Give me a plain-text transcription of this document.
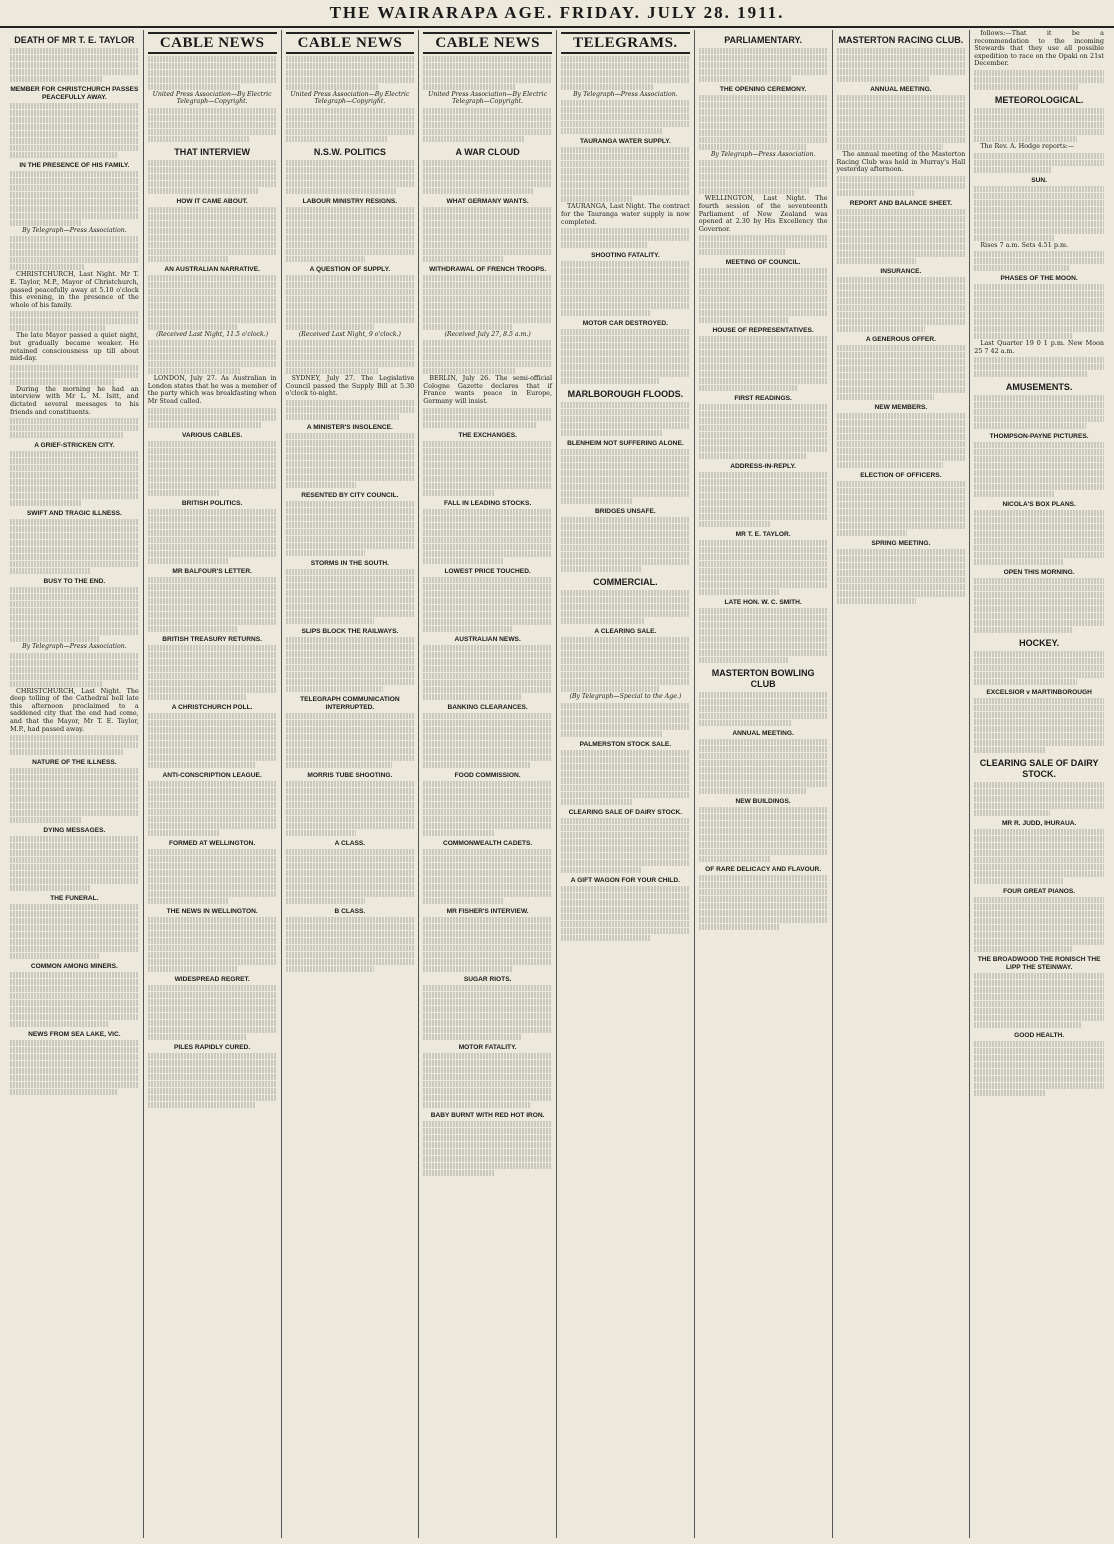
THE WAIRARAPA AGE. FRIDAY. JULY 28. 1911.
DEATH OF MR T. E. TAYLOR
MEMBER FOR CHRISTCHURCH PASSES PEACEFULLY AWAY.
IN THE PRESENCE OF HIS FAMILY.
By Telegraph—Press Association.

CHRISTCHURCH, Last Night. Mr T. E. Taylor, M.P., Mayor of Christchurch, passed peacefully away at 5.10 o'clock this evening, in the presence of the whole of his family.

The late Mayor passed a quiet night, but gradually became weaker. He retained consciousness up till about mid-day.

During the morning he had an interview with Mr L. M. Isitt, and dictated several messages to his friends and constituents.

A GRIEF-STRICKEN CITY.
SWIFT AND TRAGIC ILLNESS.
BUSY TO THE END.
By Telegraph—Press Association.

CHRISTCHURCH, Last Night. The deep tolling of the Cathedral bell late this afternoon proclaimed to a saddened city that the end had come, and that the Mayor, Mr T. E. Taylor, M.P., had passed away.

NATURE OF THE ILLNESS.
DYING MESSAGES.
THE FUNERAL.
COMMON AMONG MINERS.
NEWS FROM SEA LAKE, VIC.
CABLE NEWS
United Press Association—By Electric Telegraph—Copyright.
THAT INTERVIEW
HOW IT CAME ABOUT.
AN AUSTRALIAN NARRATIVE.
(Received Last Night, 11.5 o'clock.)

LONDON, July 27. As Australian in London states that he was a member of the party which was breakfasting when Mr Stead called.

VARIOUS CABLES.
BRITISH POLITICS.
MR BALFOUR'S LETTER.
BRITISH TREASURY RETURNS.
A CHRISTCHURCH POLL.
ANTI-CONSCRIPTION LEAGUE.
FORMED AT WELLINGTON.
THE NEWS IN WELLINGTON.
WIDESPREAD REGRET.
PILES RAPIDLY CURED.
CABLE NEWS
United Press Association—By Electric Telegraph—Copyright.
N.S.W. POLITICS
LABOUR MINISTRY RESIGNS.
A QUESTION OF SUPPLY.
(Received Last Night, 9 o'clock.)

SYDNEY, July 27. The Legislative Council passed the Supply Bill at 5.30 o'clock to-night.

A MINISTER'S INSOLENCE.
RESENTED BY CITY COUNCIL.
STORMS IN THE SOUTH.
SLIPS BLOCK THE RAILWAYS.
TELEGRAPH COMMUNICATION INTERRUPTED.
MORRIS TUBE SHOOTING.
A CLASS.
B CLASS.
CABLE NEWS
United Press Association—By Electric Telegraph—Copyright.
A WAR CLOUD
WHAT GERMANY WANTS.
WITHDRAWAL OF FRENCH TROOPS.
(Received July 27, 8.5 a.m.)

BERLIN, July 26. The semi-official Cologne Gazette declares that if France wants peace in Europe, Germany will insist.

THE EXCHANGES.
FALL IN LEADING STOCKS.
LOWEST PRICE TOUCHED.
AUSTRALIAN NEWS.
BANKING CLEARANCES.
FOOD COMMISSION.
COMMONWEALTH CADETS.
MR FISHER'S INTERVIEW.
SUGAR RIOTS.
MOTOR FATALITY.
BABY BURNT WITH RED HOT IRON.
TELEGRAMS.
By Telegraph—Press Association.
TAURANGA WATER SUPPLY.

TAURANGA, Last Night. The contract for the Tauranga water supply is now completed.

SHOOTING FATALITY.
MOTOR CAR DESTROYED.
MARLBOROUGH FLOODS.
BLENHEIM NOT SUFFERING ALONE.
BRIDGES UNSAFE.
COMMERCIAL.
A CLEARING SALE.
(By Telegraph—Special to the Age.)
PALMERSTON STOCK SALE.
CLEARING SALE OF DAIRY STOCK.
A GIFT WAGON FOR YOUR CHILD.
PARLIAMENTARY.
THE OPENING CEREMONY.
By Telegraph—Press Association.

WELLINGTON, Last Night. The fourth session of the seventeenth Parliament of New Zealand was opened at 2.30 by His Excellency the Governor.

MEETING OF COUNCIL.
HOUSE OF REPRESENTATIVES.
FIRST READINGS.
ADDRESS-IN-REPLY.
MR T. E. TAYLOR.
LATE HON. W. C. SMITH.
MASTERTON BOWLING CLUB
ANNUAL MEETING.
NEW BUILDINGS.
OF RARE DELICACY AND FLAVOUR.
MASTERTON RACING CLUB.
ANNUAL MEETING.

The annual meeting of the Masterton Racing Club was held in Murray's Hall yesterday afternoon.

REPORT AND BALANCE SHEET.
INSURANCE.
A GENEROUS OFFER.
NEW MEMBERS.
ELECTION OF OFFICERS.
SPRING MEETING.

follows:—That it be a recommendation to the incoming Stewards that they use all possible expedition to race on the Opaki on 21st December.

METEOROLOGICAL.

The Rev. A. Hodge reports:—

SUN.

Rises 7 a.m. Sets 4.51 p.m.

PHASES OF THE MOON.

Last Quarter 19 0 1 p.m. New Moon 25 7 42 a.m.

AMUSEMENTS.
THOMPSON-PAYNE PICTURES.
NICOLA'S BOX PLANS.
OPEN THIS MORNING.
HOCKEY.
EXCELSIOR v MARTINBOROUGH
CLEARING SALE OF DAIRY STOCK.
MR R. JUDD, IHURAUA.
FOUR GREAT PIANOS.
THE BROADWOOD THE RONISCH THE LIPP THE STEINWAY.
GOOD HEALTH.
